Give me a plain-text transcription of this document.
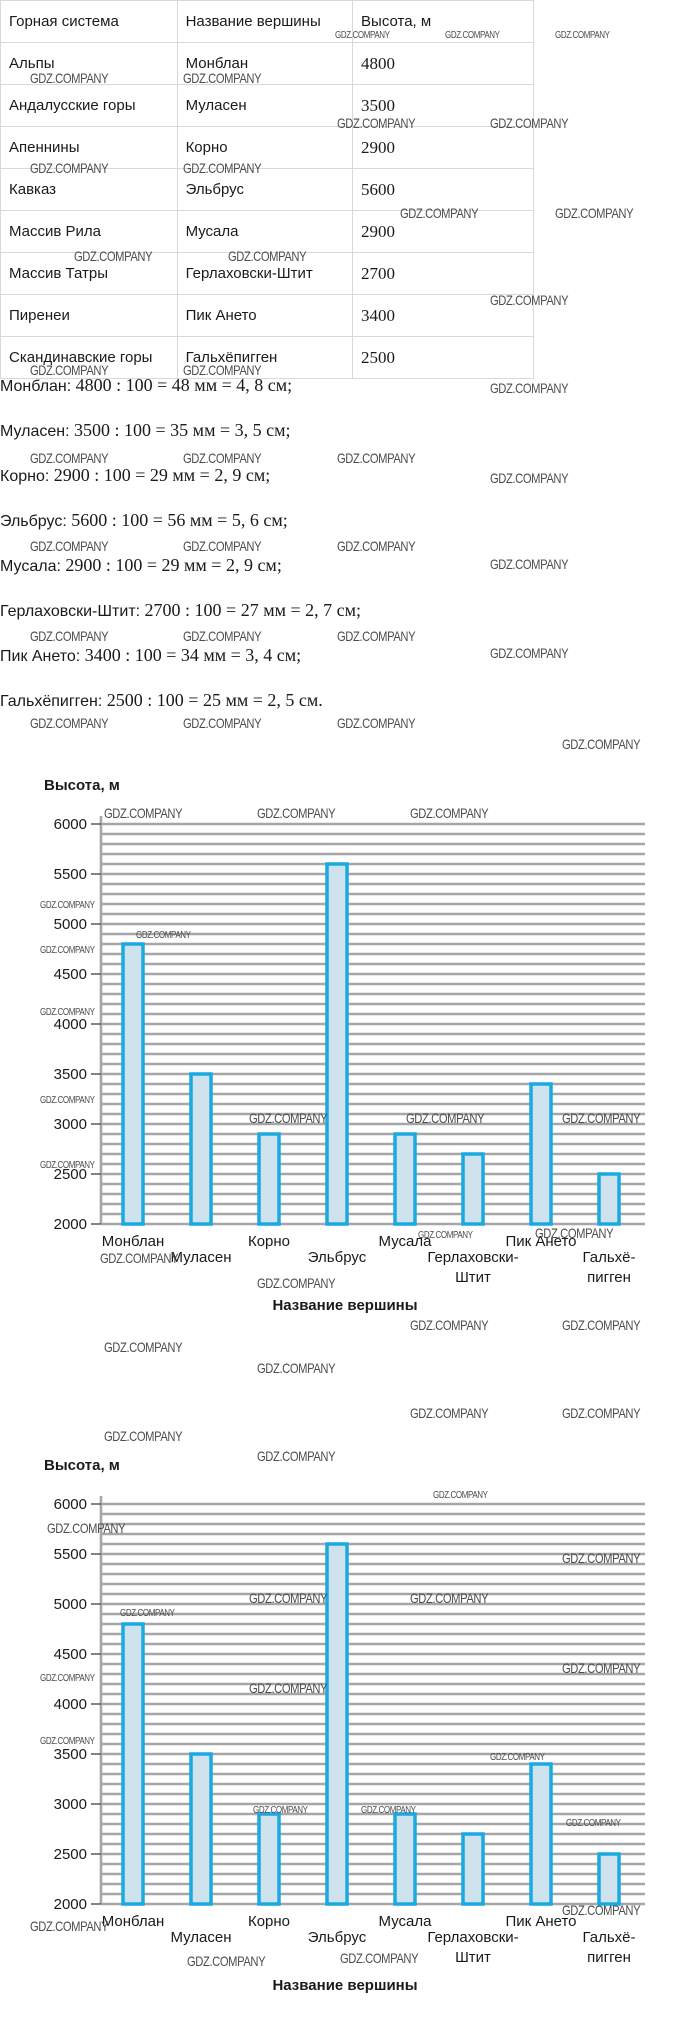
Горная система	Название вершины	Высота, м
Альпы	Монблан	4800
Андалусские горы	Муласен	3500
Апеннины	Корно	2900
Кавказ	Эльбрус	5600
Массив Рила	Мусала	2900
Массив Татры	Герлаховски-Штит	2700
Пиренеи	Пик Ането	3400
Скандинавские горы	Гальхёпигген	2500
Монблан: 4800 : 100 = 48 мм = 4, 8 см;
Муласен: 3500 : 100 = 35 мм = 3, 5 см;
Корно: 2900 : 100 = 29 мм = 2, 9 см;
Эльбрус: 5600 : 100 = 56 мм = 5, 6 см;
Мусала: 2900 : 100 = 29 мм = 2, 9 см;
Герлаховски-Штит: 2700 : 100 = 27 мм = 2, 7 см;
Пик Ането: 3400 : 100 = 34 мм = 3, 4 см;
Гальхёпигген: 2500 : 100 = 25 мм = 2, 5 см.
Высота, м
2000
2500
3000
3500
4000
4500
5000
5500
6000
Монблан
Муласен
Корно
Эльбрус
Мусала
Герлаховски-Штит
Пик Ането
Гальхё-пигген
Название вершины
Высота, м
2000
2500
3000
3500
4000
4500
5000
5500
6000
Монблан
Муласен
Корно
Эльбрус
Мусала
Герлаховски-Штит
Пик Ането
Гальхё-пигген
Название вершины
GDZ.COMPANY	GDZ.COMPANY	GDZ.COMPANY
GDZ.COMPANY	GDZ.COMPANY
GDZ.COMPANY	GDZ.COMPANY
GDZ.COMPANY	GDZ.COMPANY
GDZ.COMPANY	GDZ.COMPANY
GDZ.COMPANY	GDZ.COMPANY
GDZ.COMPANY
GDZ.COMPANY	GDZ.COMPANY
GDZ.COMPANY
GDZ.COMPANY	GDZ.COMPANY	GDZ.COMPANY
GDZ.COMPANY
GDZ.COMPANY	GDZ.COMPANY	GDZ.COMPANY
GDZ.COMPANY
GDZ.COMPANY	GDZ.COMPANY	GDZ.COMPANY
GDZ.COMPANY
GDZ.COMPANY	GDZ.COMPANY	GDZ.COMPANY
GDZ.COMPANY
GDZ.COMPANY	GDZ.COMPANY	GDZ.COMPANY
GDZ.COMPANY
GDZ.COMPANY
GDZ.COMPANY
GDZ.COMPANY
GDZ.COMPANY
GDZ.COMPANY
GDZ.COMPANY	GDZ.COMPANY	GDZ.COMPANY
GDZ.COMPANY	GDZ.COMPANY
GDZ.COMPANY
GDZ.COMPANY
GDZ.COMPANY	GDZ.COMPANY
GDZ.COMPANY
GDZ.COMPANY
GDZ.COMPANY	GDZ.COMPANY
GDZ.COMPANY
GDZ.COMPANY
GDZ.COMPANY
GDZ.COMPANY
GDZ.COMPANY
GDZ.COMPANY
GDZ.COMPANY	GDZ.COMPANY
GDZ.COMPANY
GDZ.COMPANY
GDZ.COMPANY
GDZ.COMPANY
GDZ.COMPANY
GDZ.COMPANY	GDZ.COMPANY
GDZ.COMPANY
GDZ.COMPANY
GDZ.COMPANY
GDZ.COMPANY	GDZ.COMPANY
